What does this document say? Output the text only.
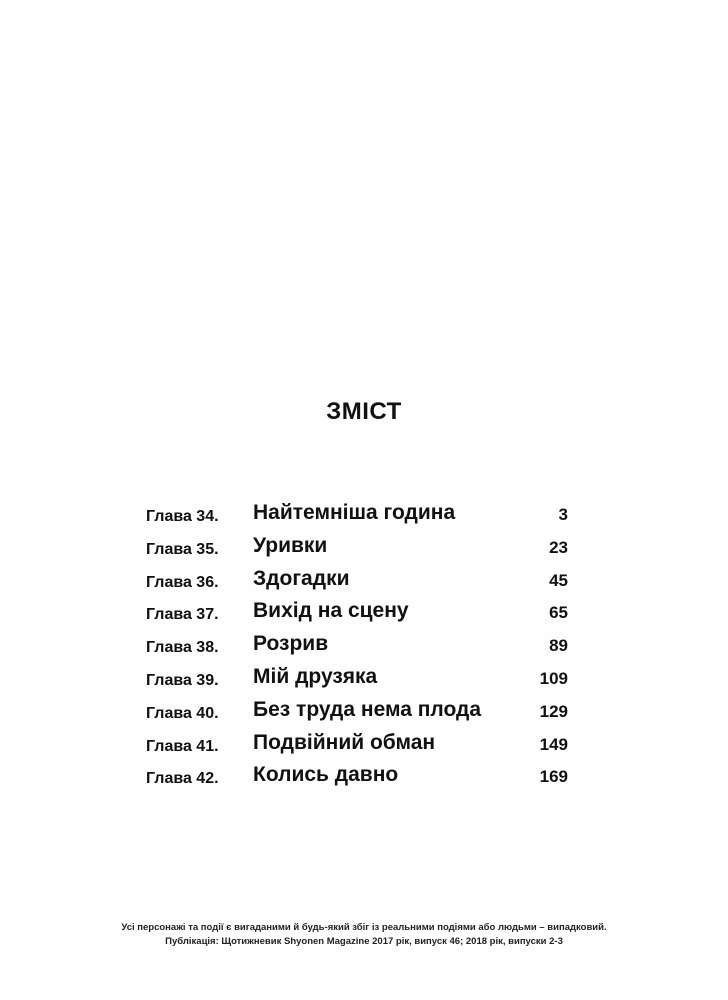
ЗМІСТ
Глава 34. Найтемніша година	3
Глава 35. Уривки	23
Глава 36. Здогадки	45
Глава 37. Вихід на сцену	65
Глава 38. Розрив	89
Глава 39. Мій друзяка	109
Глава 40. Без труда нема плода	129
Глава 41. Подвійний обман	149
Глава 42. Колись давно	169
Усі персонажі та події є вигаданими й будь-який збіг із реальними подіями або людьми – випадковий.
Публікація: Щотижневик Shyonen Magazine 2017 рік, випуск 46; 2018 рік, випуски 2-3
